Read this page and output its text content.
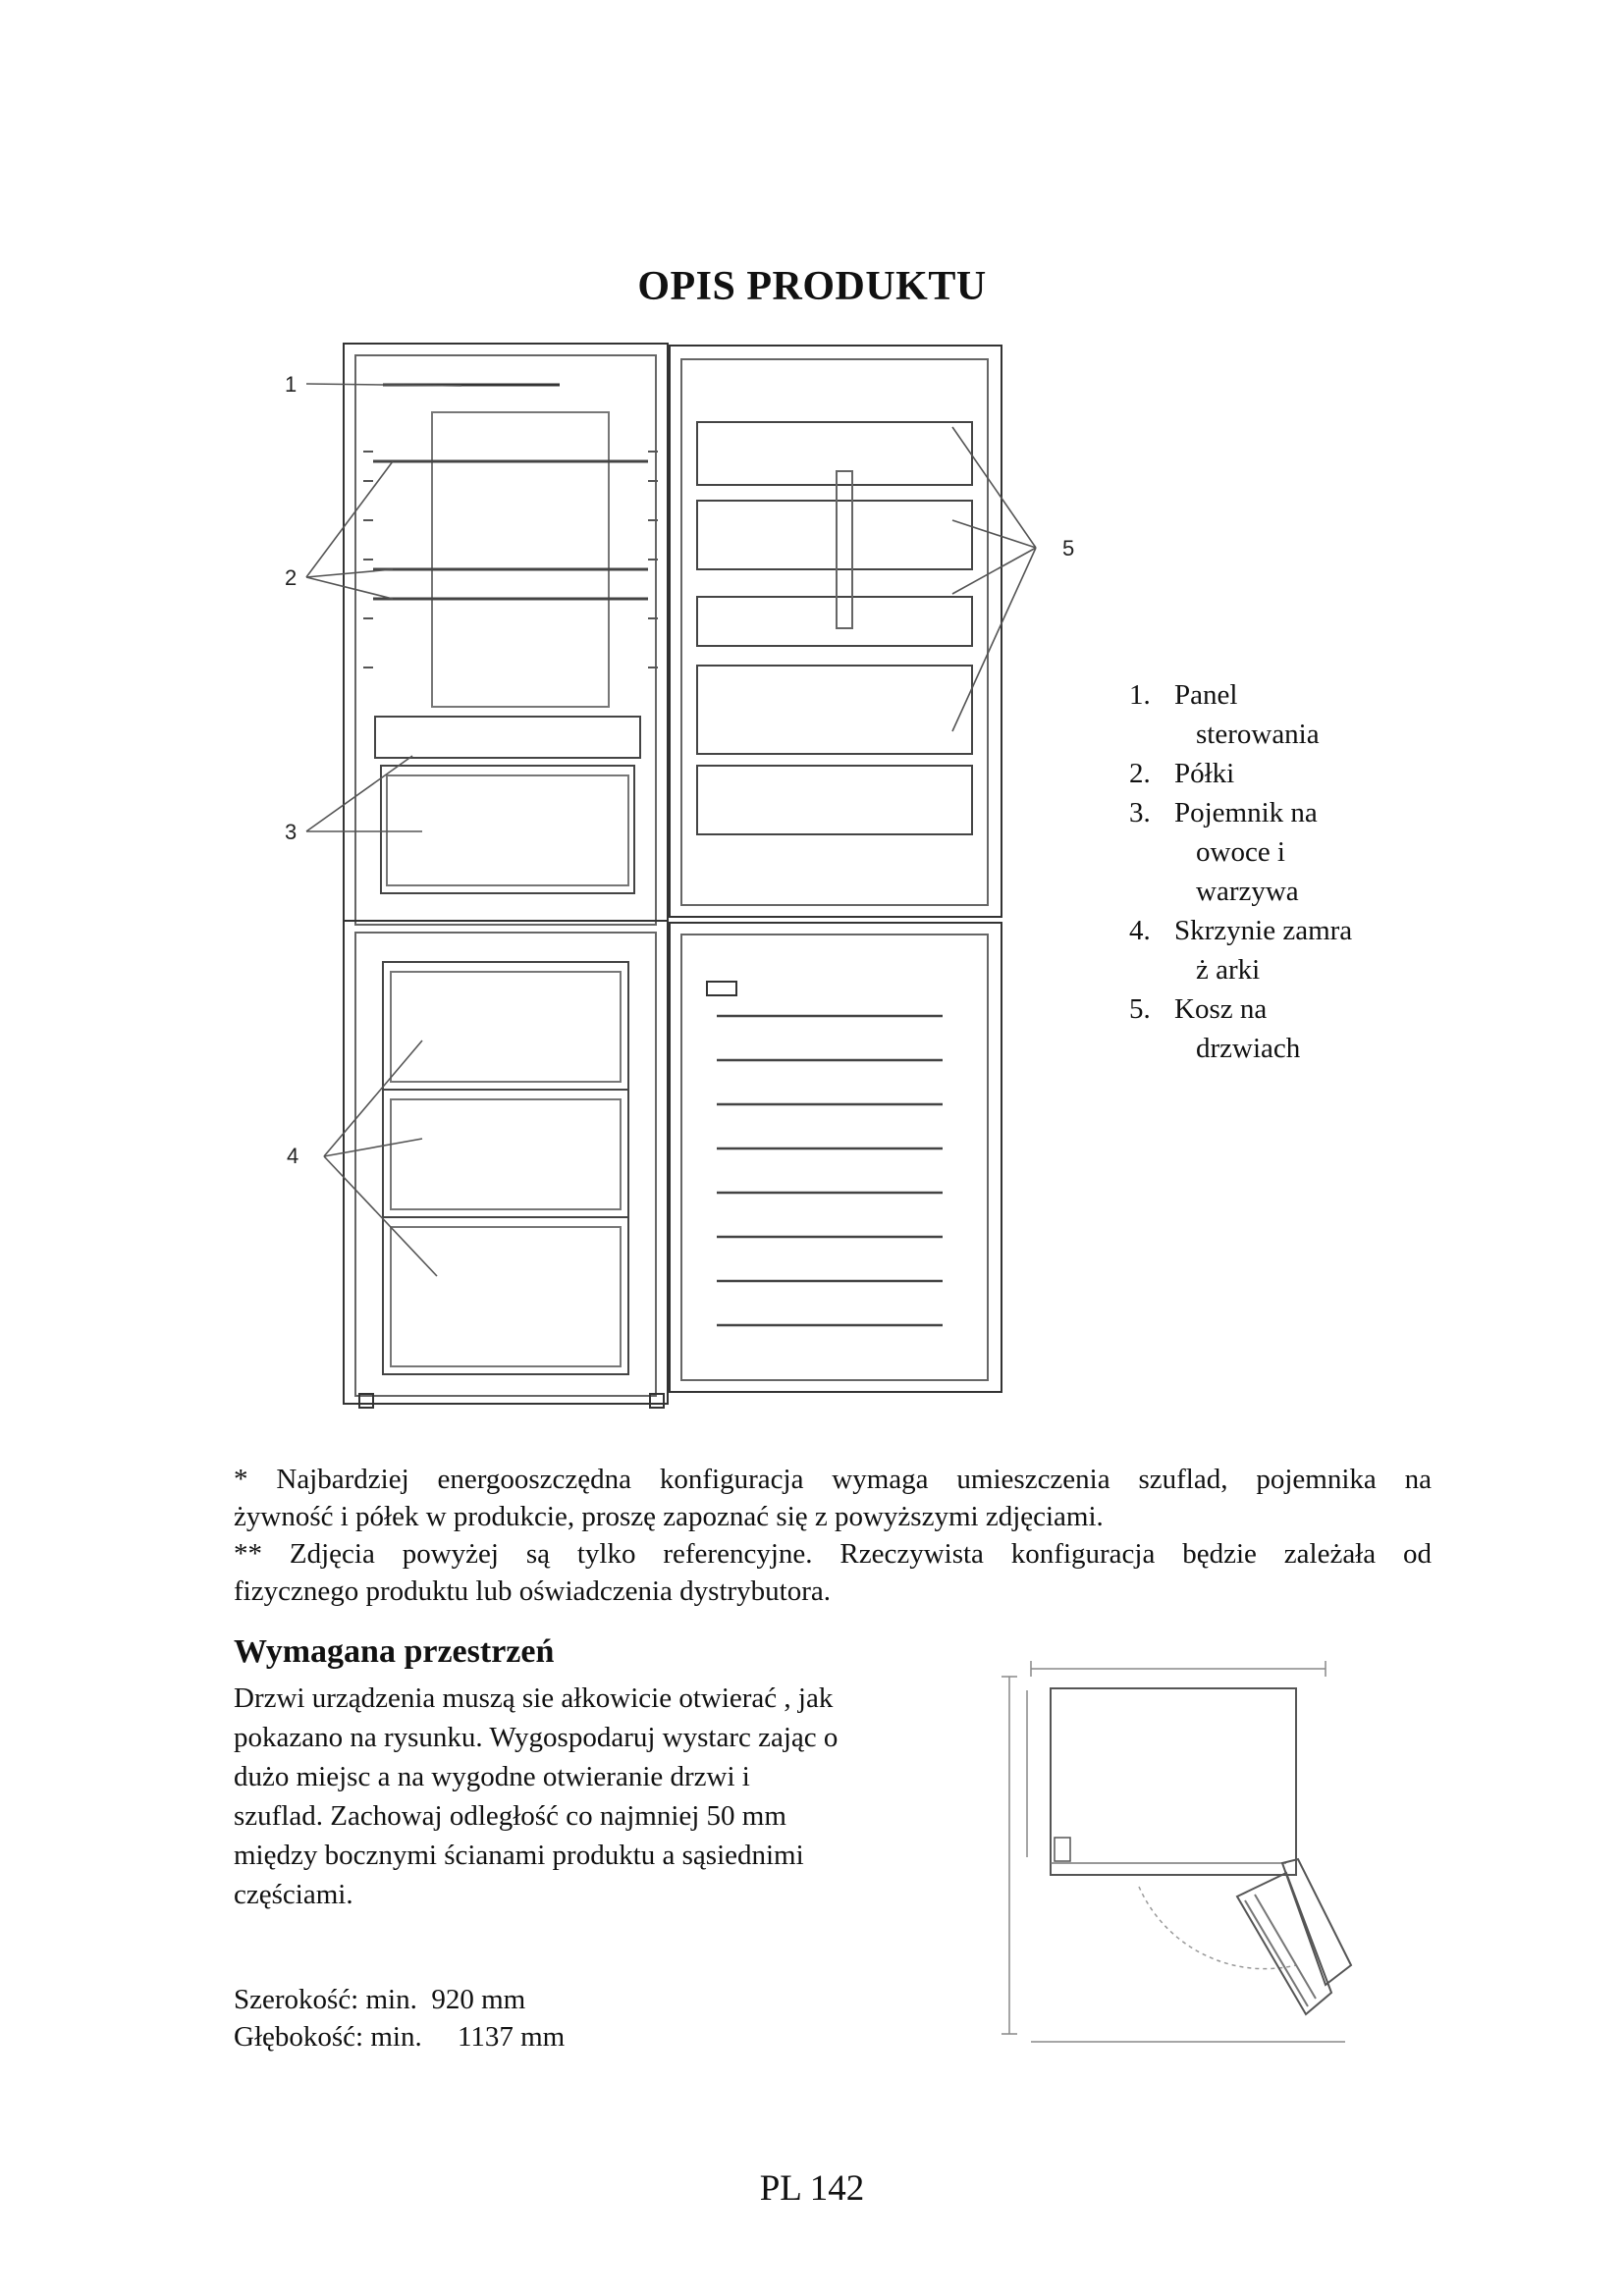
OPIS PRODUKTU
1
2
3
4
5
1. Panel
sterowania
2. Półki
3. Pojemnik na
owoce i
warzywa
4. Skrzynie zamra
ż arki
5. Kosz na
drzwiach

* Najbardziej energooszczędna konfiguracja wymaga umieszczenia szuflad, pojemnika na

żywność i półek w produkcie, proszę zapoznać się z powyższymi zdjęciami.

** Zdjęcia powyżej są tylko referencyjne. Rzeczywista konfiguracja będzie zależała od

fizycznego produktu lub oświadczenia dystrybutora.

Wymagana przestrzeń
Drzwi urządzenia muszą sie ałkowicie otwierać , jak
pokazano na rysunku. Wygospodaruj wystarc zając o
dużo miejsc a na wygodne otwieranie drzwi i
szuflad. Zachowaj odległość co najmniej 50 mm
między bocznymi ścianami produktu a sąsiednimi
częściami.
Szerokość: min.
920 mm
Głębokość: min.
1137 mm
PL 142
